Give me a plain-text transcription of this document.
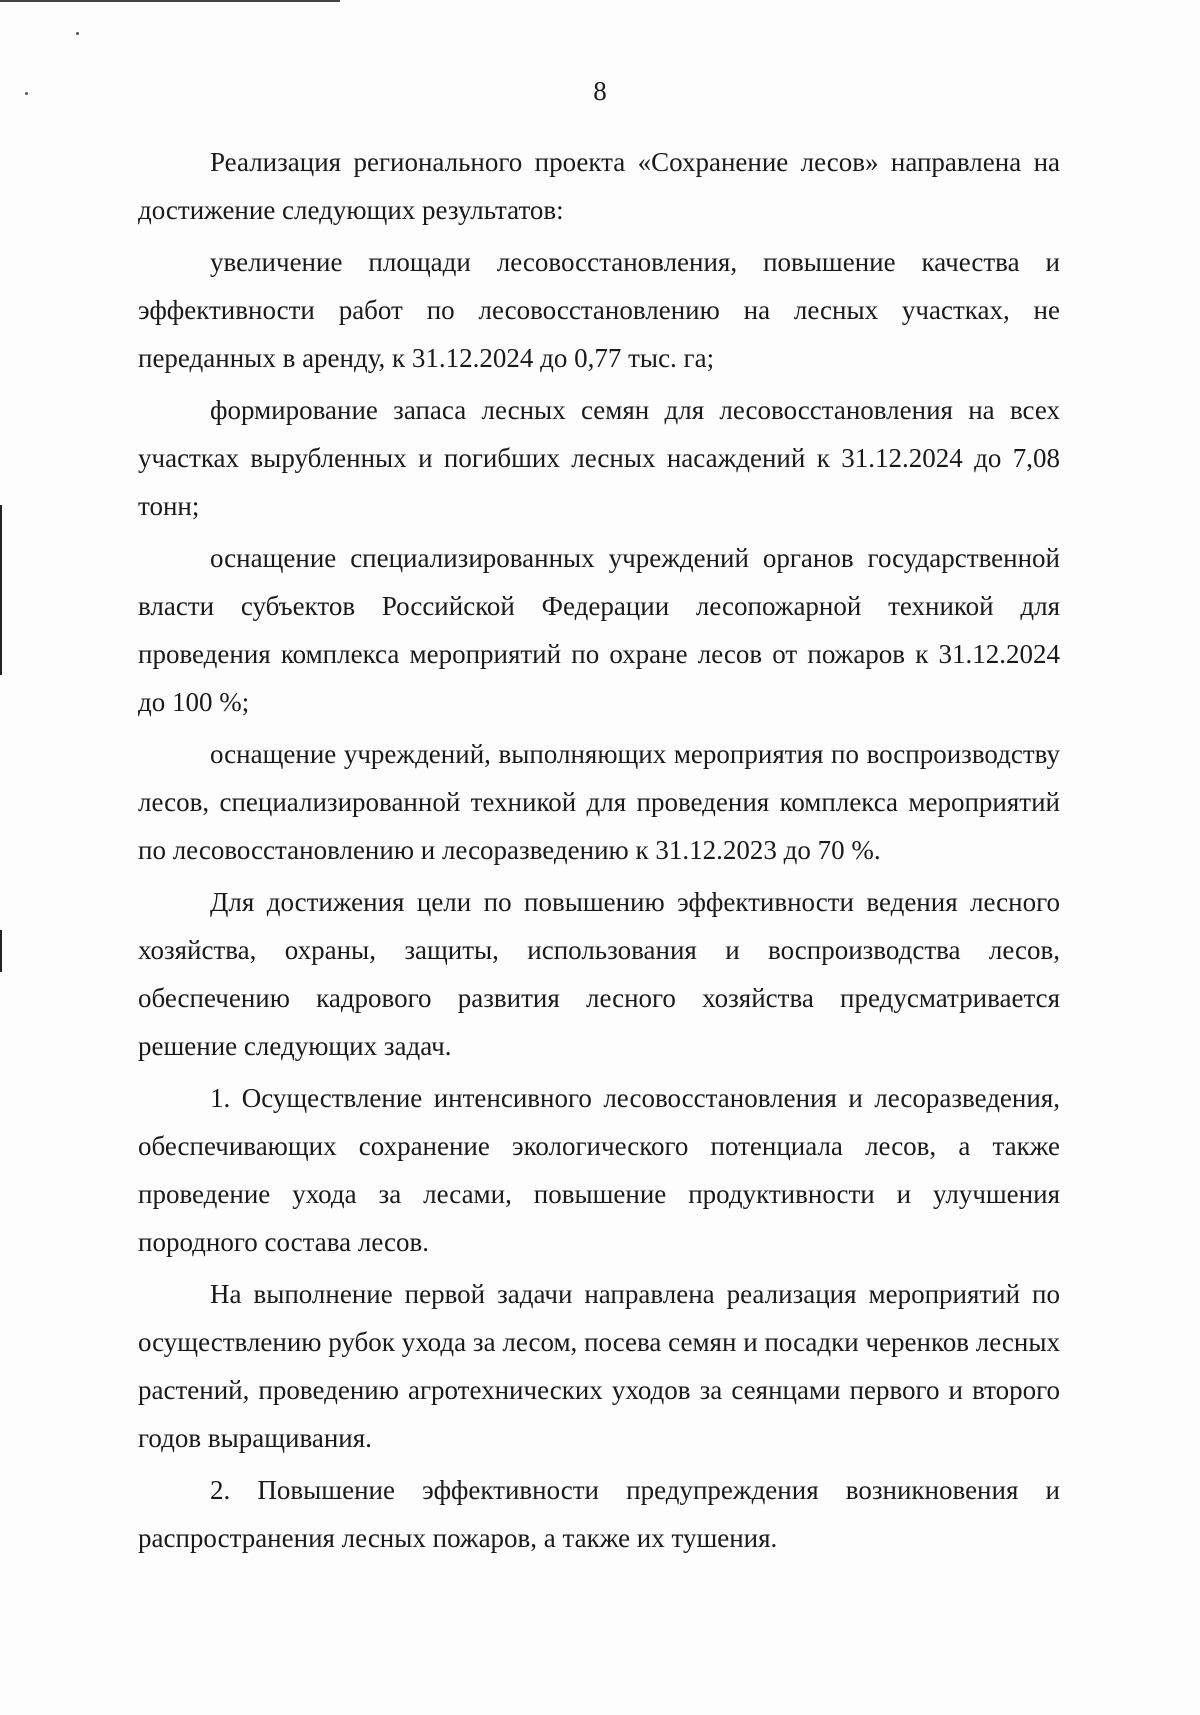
8

Реализация регионального проекта «Сохранение лесов» направлена на достижение следующих результатов:

увеличение площади лесовосстановления, повышение качества и эффективности работ по лесовосстановлению на лесных участках, не переданных в аренду, к 31.12.2024 до 0,77 тыс. га;

формирование запаса лесных семян для лесовосстановления на всех участках вырубленных и погибших лесных насаждений к 31.12.2024 до 7,08 тонн;

оснащение специализированных учреждений органов государственной власти субъектов Российской Федерации лесопожарной техникой для проведения комплекса мероприятий по охране лесов от пожаров к 31.12.2024 до 100 %;

оснащение учреждений, выполняющих мероприятия по воспроизводству лесов, специализированной техникой для проведения комплекса мероприятий по лесовосстановлению и лесоразведению к 31.12.2023 до 70 %.

Для достижения цели по повышению эффективности ведения лесного хозяйства, охраны, защиты, использования и воспроизводства лесов, обеспечению кадрового развития лесного хозяйства предусматривается решение следующих задач.

1. Осуществление интенсивного лесовосстановления и лесоразведения, обеспечивающих сохранение экологического потенциала лесов, а также проведение ухода за лесами, повышение продуктивности и улучшения породного состава лесов.

На выполнение первой задачи направлена реализация мероприятий по осуществлению рубок ухода за лесом, посева семян и посадки черенков лесных растений, проведению агротехнических уходов за сеянцами первого и второго годов выращивания.

2. Повышение эффективности предупреждения возникновения и распространения лесных пожаров, а также их тушения.
